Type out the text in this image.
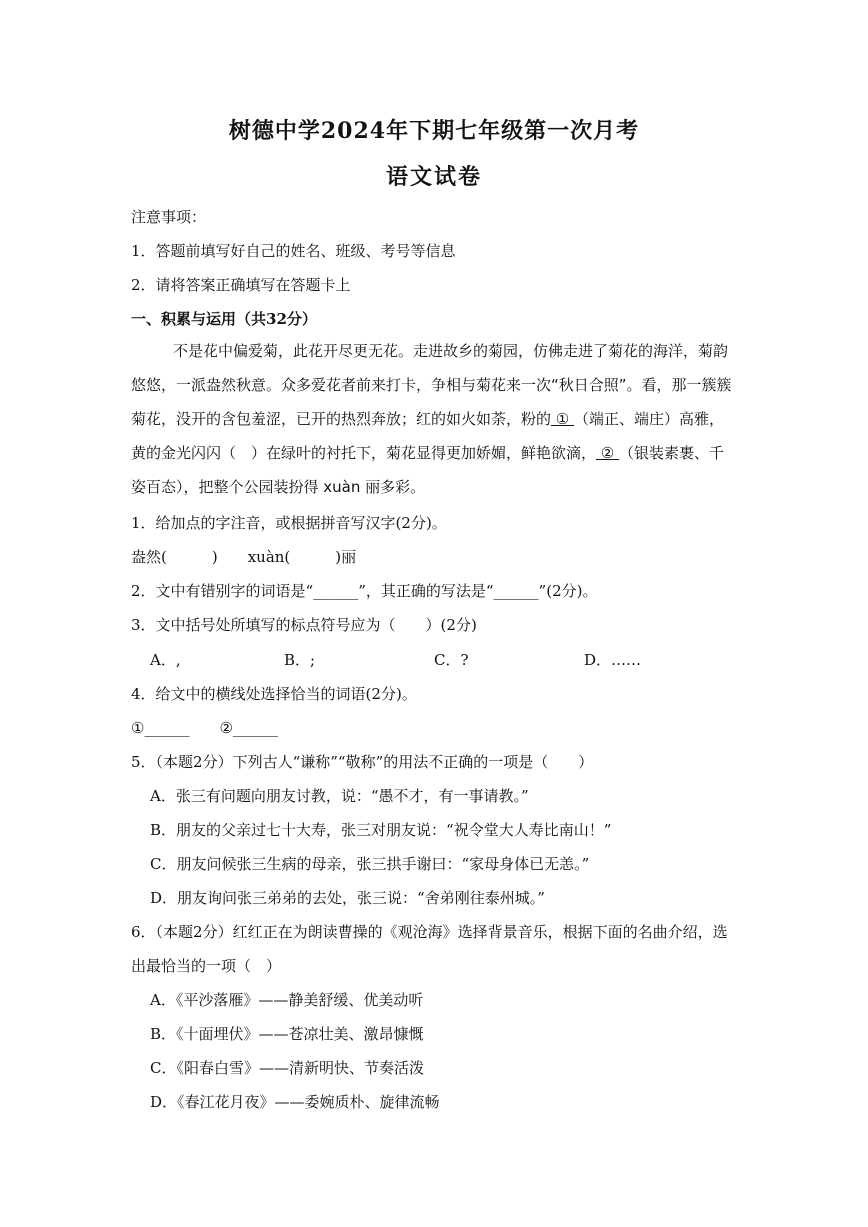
树德中学2024年下期七年级第一次月考
语文试卷
注意事项：
1．答题前填写好自己的姓名、班级、考号等信息
2．请将答案正确填写在答题卡上
一、积累与运用（共32分）

不是花中偏爱菊，此花开尽更无花。走进故乡的菊园，仿佛走进了菊花的海洋，菊韵

悠悠，一派盎然秋意。众多爱花者前来打卡，争相与菊花来一次“秋日合照”。看，那一簇簇

菊花，没开的含包羞涩，已开的热烈奔放；红的如火如荼，粉的 ① （端正、端庄）高雅，

黄的金光闪闪（　）在绿叶的衬托下，菊花显得更加娇媚，鲜艳欲滴， ② （银装素裹、千

姿百态），把整个公园装扮得 xuàn 丽多彩。

1．给加点的字注音，或根据拼音写汉字(2分)。
盎然(　　　)　　xuàn(　　　)丽
2．文中有错别字的词语是“______”，其正确的写法是“______”(2分)。
3．文中括号处所填写的标点符号应为（　　）(2分)
A．,	B．;	C．?	D．……
4．给文中的横线处选择恰当的词语(2分)。
①______　　②______
5．（本题2分）下列古人“谦称”“敬称”的用法不正确的一项是（　　）
A．张三有问题向朋友讨教，说：“愚不才，有一事请教。”
B．朋友的父亲过七十大寿，张三对朋友说：“祝令堂大人寿比南山！”
C．朋友问候张三生病的母亲，张三拱手谢曰：“家母身体已无恙。”
D．朋友询问张三弟弟的去处，张三说：“舍弟刚往泰州城。”
6．（本题2分）红红正在为朗读曹操的《观沧海》选择背景音乐，根据下面的名曲介绍，选
出最恰当的一项（　）
A．《平沙落雁》——静美舒缓、优美动听
B．《十面埋伏》——苍凉壮美、激昂慷慨
C．《阳春白雪》——清新明快、节奏活泼
D．《春江花月夜》——委婉质朴、旋律流畅
